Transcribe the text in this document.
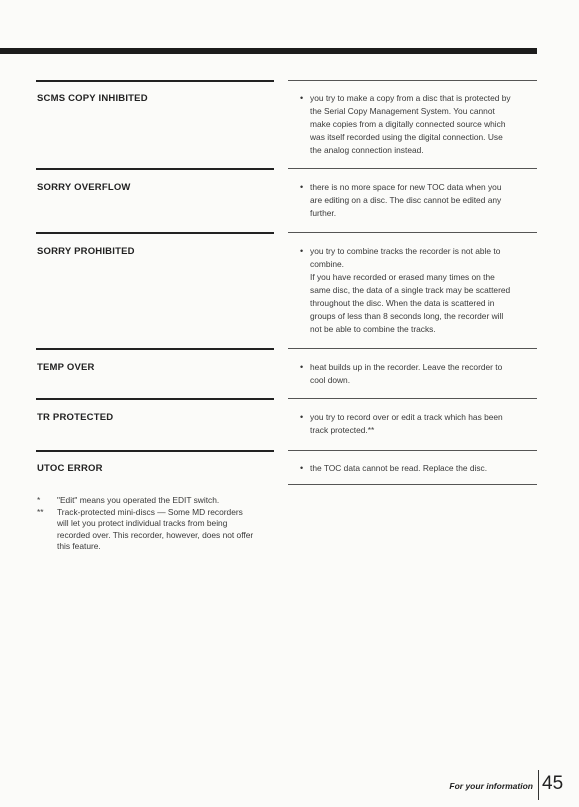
SCMS COPY INHIBITED	• you try to make a copy from a disc that is protected by
the Serial Copy Management System. You cannot
make copies from a digitally connected source which
was itself recorded using the digital connection. Use
the analog connection instead.
SORRY OVERFLOW	• there is no more space for new TOC data when you
are editing on a disc. The disc cannot be edited any
further.
SORRY PROHIBITED	• you try to combine tracks the recorder is not able to
combine.
If you have recorded or erased many times on the
same disc, the data of a single track may be scattered
throughout the disc. When the data is scattered in
groups of less than 8 seconds long, the recorder will
not be able to combine the tracks.
TEMP OVER	• heat builds up in the recorder. Leave the recorder to
cool down.
TR PROTECTED	• you try to record over or edit a track which has been
track protected.**
UTOC ERROR	• the TOC data cannot be read. Replace the disc.
* "Edit" means you operated the EDIT switch.
** Track-protected mini-discs — Some MD recorders
will let you protect individual tracks from being
recorded over. This recorder, however, does not offer
this feature.
For your information 45
